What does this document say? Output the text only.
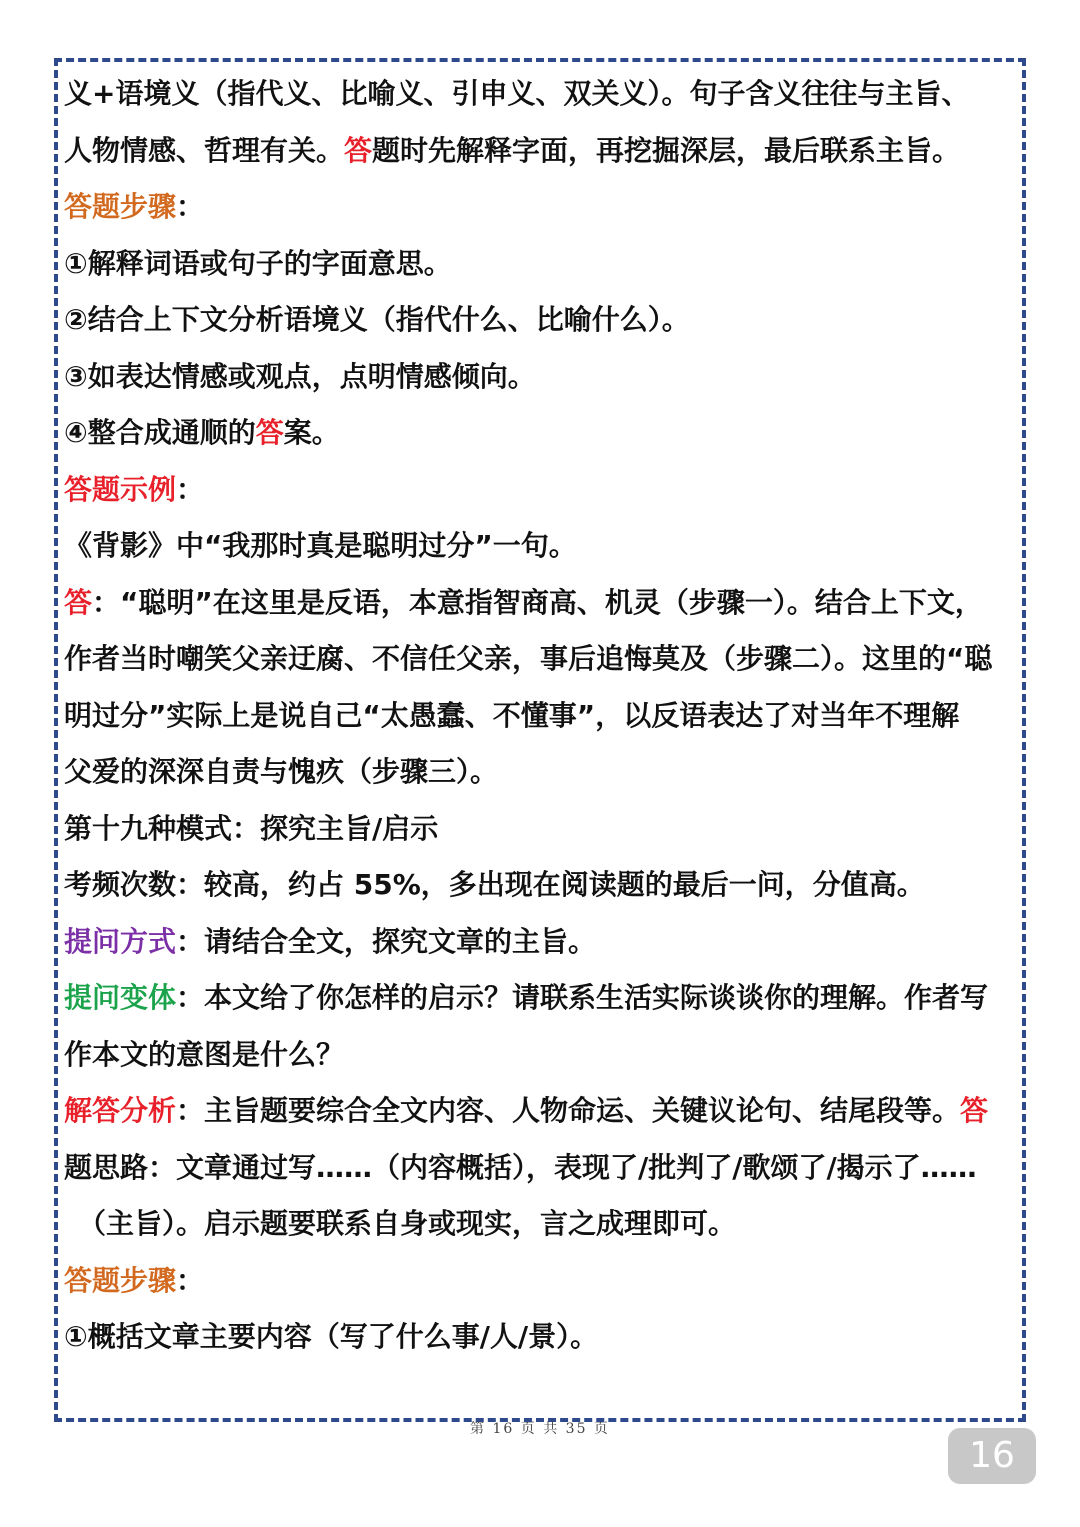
义+语境义（指代义、比喻义、引申义、双关义）。句子含义往往与主旨、
人物情感、哲理有关。答题时先解释字面，再挖掘深层，最后联系主旨。
答题步骤：
①解释词语或句子的字面意思。
②结合上下文分析语境义（指代什么、比喻什么）。
③如表达情感或观点，点明情感倾向。
④整合成通顺的答案。
答题示例：
《背影》中“我那时真是聪明过分”一句。
答：“聪明”在这里是反语，本意指智商高、机灵（步骤一）。结合上下文，
作者当时嘲笑父亲迂腐、不信任父亲，事后追悔莫及（步骤二）。这里的“聪
明过分”实际上是说自己“太愚蠢、不懂事”，以反语表达了对当年不理解
父爱的深深自责与愧疚（步骤三）。
第十九种模式：探究主旨/启示
考频次数：较高，约占 55%，多出现在阅读题的最后一问，分值高。
提问方式：请结合全文，探究文章的主旨。
提问变体：本文给了你怎样的启示？请联系生活实际谈谈你的理解。作者写
作本文的意图是什么？
解答分析：主旨题要综合全文内容、人物命运、关键议论句、结尾段等。答
题思路：文章通过写……（内容概括），表现了/批判了/歌颂了/揭示了……
（主旨）。启示题要联系自身或现实，言之成理即可。
答题步骤：
①概括文章主要内容（写了什么事/人/景）。
第 16 页 共 35 页
16
